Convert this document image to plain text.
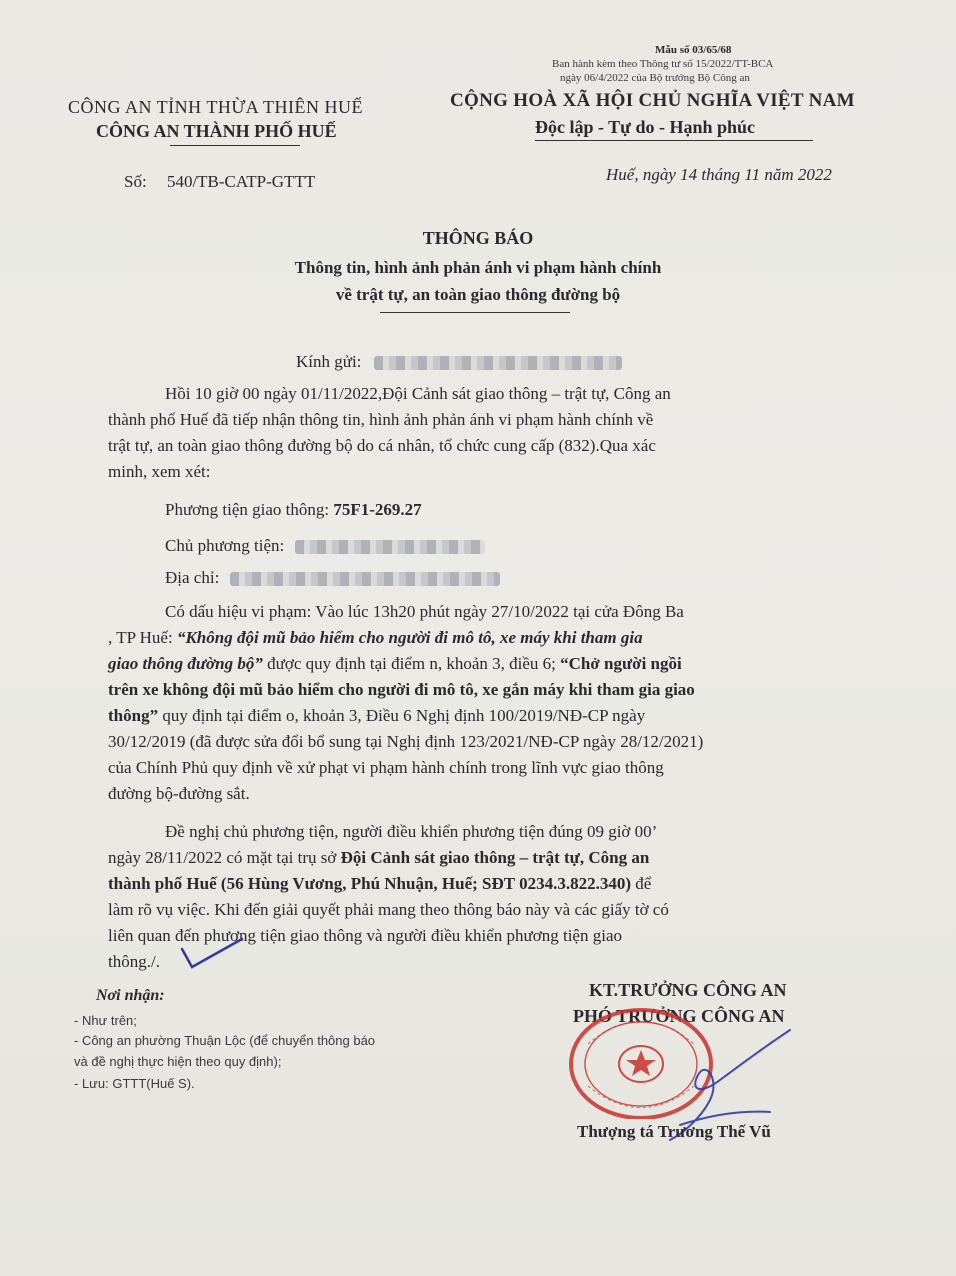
Mẫu số 03/65/68
Ban hành kèm theo Thông tư số 15/2022/TT-BCA
ngày 06/4/2022 của Bộ trưởng Bộ Công an
CÔNG AN TỈNH THỪA THIÊN HUẾ
CÔNG AN THÀNH PHỐ HUẾ
CỘNG HOÀ XÃ HỘI CHỦ NGHĨA VIỆT NAM
Độc lập - Tự do - Hạnh phúc
Số: 540/TB-CATP-GTTT	Huế, ngày 14 tháng 11 năm 2022
THÔNG BÁO
Thông tin, hình ảnh phản ánh vi phạm hành chính
về trật tự, an toàn giao thông đường bộ
Kính gửi:
Hồi 10 giờ 00 ngày 01/11/2022,Đội Cảnh sát giao thông – trật tự, Công an
thành phố Huế đã tiếp nhận thông tin, hình ảnh phản ánh vi phạm hành chính về
trật tự, an toàn giao thông đường bộ do cá nhân, tổ chức cung cấp (832).Qua xác
minh, xem xét:
Phương tiện giao thông: 75F1-269.27
Chủ phương tiện:
Địa chỉ:
Có dấu hiệu vi phạm: Vào lúc 13h20 phút ngày 27/10/2022 tại cửa Đông Ba
, TP Huế: “Không đội mũ bảo hiểm cho người đi mô tô, xe máy khi tham gia
giao thông đường bộ” được quy định tại điểm n, khoản 3, điều 6; “Chở người ngồi
trên xe không đội mũ bảo hiểm cho người đi mô tô, xe gắn máy khi tham gia giao
thông” quy định tại điểm o, khoản 3, Điều 6 Nghị định 100/2019/NĐ-CP ngày
30/12/2019 (đã được sửa đổi bổ sung tại Nghị định 123/2021/NĐ-CP ngày 28/12/2021)
của Chính Phủ quy định về xử phạt vi phạm hành chính trong lĩnh vực giao thông
đường bộ-đường sắt.
Đề nghị chủ phương tiện, người điều khiển phương tiện đúng 09 giờ 00’
ngày 28/11/2022 có mặt tại trụ sở Đội Cảnh sát giao thông – trật tự, Công an
thành phố Huế (56 Hùng Vương, Phú Nhuận, Huế; SĐT 0234.3.822.340) để
làm rõ vụ việc. Khi đến giải quyết phải mang theo thông báo này và các giấy tờ có
liên quan đến phương tiện giao thông và người điều khiển phương tiện giao
thông./.
Nơi nhận:
- Như trên;
- Công an phường Thuận Lộc (để chuyển thông báo
và đề nghị thực hiện theo quy định);
- Lưu: GTTT(Huế S).
KT.TRƯỞNG CÔNG AN
PHÓ TRƯỞNG CÔNG AN
Thượng tá Trương Thế Vũ
